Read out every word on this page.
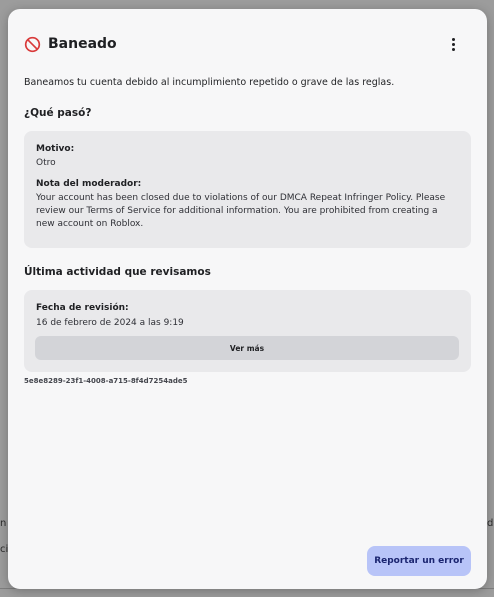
n
ci
d
Baneado
Baneamos tu cuenta debido al incumplimiento repetido o grave de las reglas.
¿Qué pasó?
Motivo:
Otro
Nota del moderador:
Your account has been closed due to violations of our DMCA Repeat Infringer Policy. Please review our Terms of Service for additional information. You are prohibited from creating a new account on Roblox.
Última actividad que revisamos
Fecha de revisión:
16 de febrero de 2024 a las 9:19
Ver más
5e8e8289-23f1-4008-a715-8f4d7254ade5
Reportar un error
